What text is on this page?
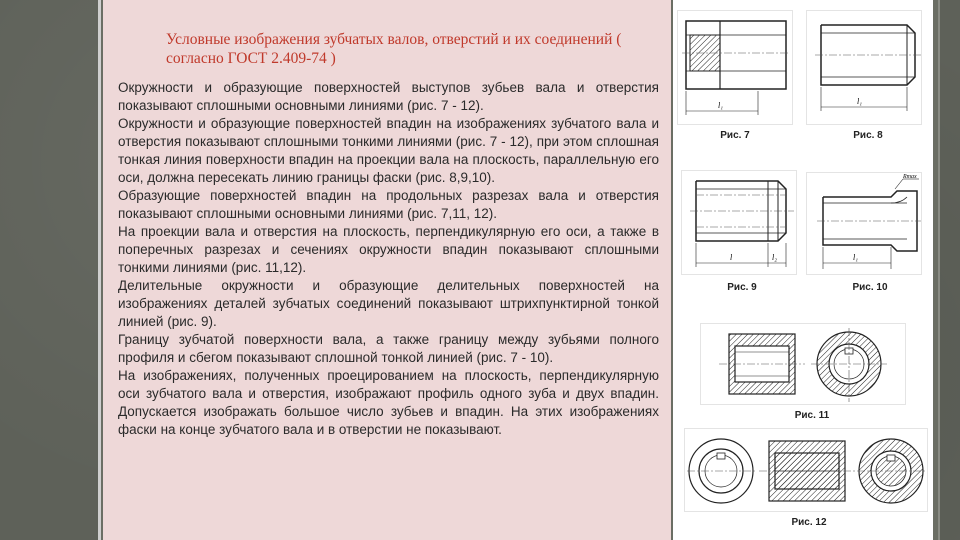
Условные изображения зубчатых валов, отверстий и их соединений ( согласно ГОСТ 2.409-74 )

Окружности и образующие поверхностей выступов зубьев вала и отверстия показывают сплошными основными линиями (рис. 7 - 12).

Окружности и образующие поверхностей впадин на изображениях зубчатого вала и отверстия показывают сплошными тонкими линиями (рис. 7 - 12), при этом сплошная тонкая линия поверхности впадин на проекции вала на плоскость, параллельную его оси, должна пересекать линию границы фаски (рис. 8,9,10).

Образующие поверхностей впадин на продольных разрезах вала и отверстия показывают сплошными основными линиями (рис. 7,11, 12).

На проекции вала и отверстия на плоскость, перпендикулярную его оси, а также в поперечных разрезах и сечениях окружности впадин показывают сплошными тонкими линиями (рис. 11,12).

Делительные окружности и образующие делительных поверхностей на изображениях деталей зубчатых соединений показывают штрихпунктирной тонкой линией (рис. 9).

Границу зубчатой поверхности вала, а также границу между зубьями полного профиля и сбегом показывают сплошной тонкой линией (рис. 7 - 10).

На изображениях, полученных проецированием на плоскость, перпендикулярную оси зубчатого вала и отверстия, изображают профиль одного зуба и двух впадин. Допускается изображать большое число зубьев и впадин. На этих изображениях фаски на конце зубчатого вала и в отверстии не показывают.

l₁
Рис. 7
l₁
Рис. 8
l	l₂
Рис. 9
Rmax
l₁
Рис. 10
Рис. 11
Рис. 12
